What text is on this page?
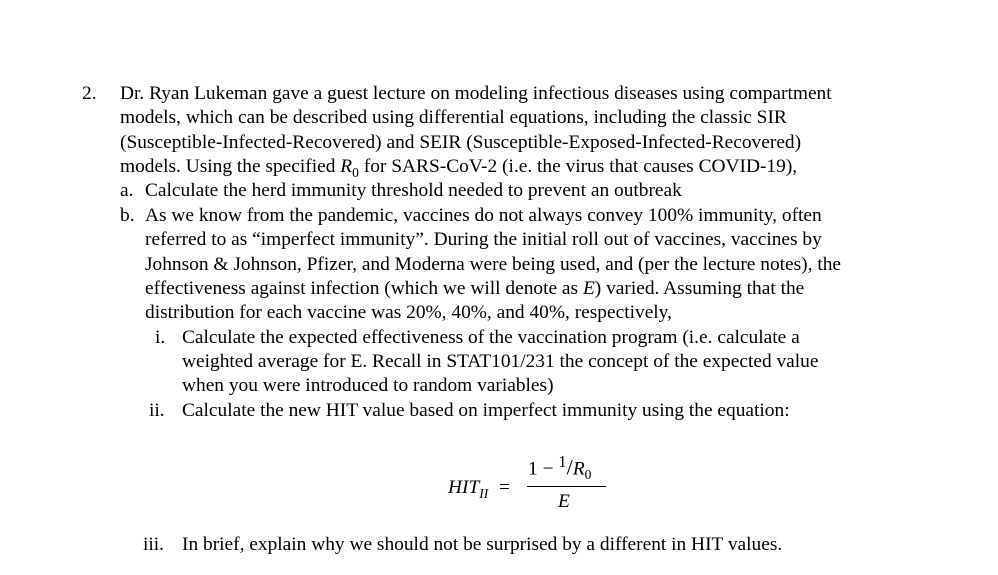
2. Dr. Ryan Lukeman gave a guest lecture on modeling infectious diseases using compartment
models, which can be described using differential equations, including the classic SIR
(Susceptible-Infected-Recovered) and SEIR (Susceptible-Exposed-Infected-Recovered)
models. Using the specified $R_0$ for SARS-CoV-2 (i.e. the virus that causes COVID-19),
a. Calculate the herd immunity threshold needed to prevent an outbreak
b. As we know from the pandemic, vaccines do not always convey 100% immunity, often
referred to as “imperfect immunity”. During the initial roll out of vaccines, vaccines by
Johnson & Johnson, Pfizer, and Moderna were being used, and (per the lecture notes), the
effectiveness against infection (which we will denote as E) varied. Assuming that the
distribution for each vaccine was 20%, 40%, and 40%, respectively,
i. Calculate the expected effectiveness of the vaccination program (i.e. calculate a
weighted average for E. Recall in STAT101/231 the concept of the expected value
when you were introduced to random variables)
ii. Calculate the new HIT value based on imperfect immunity using the equation:
$HIT_{II}$ =
$1 - ^1/R_0$
E
iii. In brief, explain why we should not be surprised by a different in HIT values.
